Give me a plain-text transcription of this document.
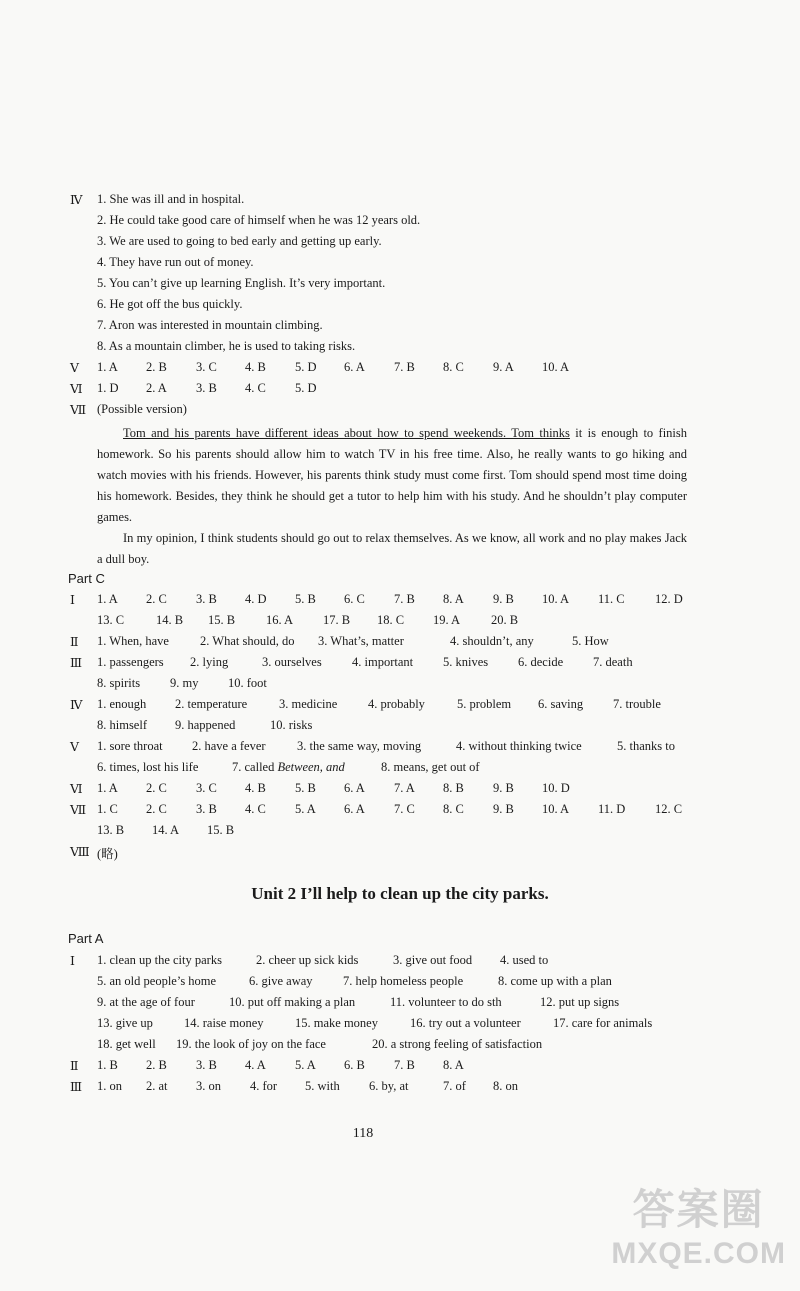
Ⅳ	1. She was ill and in hospital.
2. He could take good care of himself when he was 12 years old.
3. We are used to going to bed early and getting up early.
4. They have run out of money.
5. You can’t give up learning English. It’s very important.
6. He got off the bus quickly.
7. Aron was interested in mountain climbing.
8. As a mountain climber, he is used to taking risks.
Ⅴ	1. A 2. B 3. C 4. B 5. D 6. A 7. B 8. C 9. A 10. A
Ⅵ	1. D 2. A 3. B 4. C 5. D
Ⅶ (Possible version)

Tom and his parents have different ideas about how to spend weekends. Tom thinks it is enough to finish homework. So his parents should allow him to watch TV in his free time. Also, he really wants to go hiking and watch movies with his friends. However, his parents think study must come first. Tom should spend most time doing his homework. Besides, they think he should get a tutor to help him with his study. And he shouldn’t play computer games.

In my opinion, I think students should go out to relax themselves. As we know, all work and no play makes Jack a dull boy.

Part C
Ⅰ	1. A 2. C 3. B 4. D 5. B 6. C 7. B 8. A 9. B 10. A 11. C 12. D
13. C	14. B 15. B 16. A 17. B 18. C 19. A 20. B
Ⅱ	1. When, have 2. What should, do 3. What’s, matter	4. shouldn’t, any	5. How
Ⅲ	1. passengers 2. lying	3. ourselves 4. important 5. knives 6. decide 7. death
8. spirits 9. my 10. foot
Ⅳ	1. enough 2. temperature	3. medicine 4. probably	5. problem 6. saving 7. trouble
8. himself 9. happened	10. risks
Ⅴ	1. sore throat 2. have a fever	3. the same way, moving	4. without thinking twice	5. thanks to
6. times, lost his life	7. called Between, and	8. means, get out of
Ⅵ	1. A 2. C 3. C 4. B 5. B 6. A 7. A 8. B 9. B 10. D
Ⅶ 1. C 2. C 3. B 4. C 5. A 6. A 7. C 8. C 9. B 10. A 11. D 12. C
13. B 14. A 15. B
Ⅷ (略)
Unit 2 I’ll help to clean up the city parks.
Part A
Ⅰ	1. clean up the city parks	2. cheer up sick kids	3. give out food 4. used to
5. an old people’s home	6. give away 7. help homeless people	8. come up with a plan
9. at the age of four	10. put off making a plan	11. volunteer to do sth	12. put up signs
13. give up 14. raise money	15. make money	16. try out a volunteer	17. care for animals
18. get well 19. the look of joy on the face	20. a strong feeling of satisfaction
Ⅱ	1. B 2. B 3. B 4. A 5. A 6. B 7. B 8. A
Ⅲ	1. on 2. at 3. on 4. for 5. with 6. by, at	7. of 8. on
118
答案圈
MXQE.COM
